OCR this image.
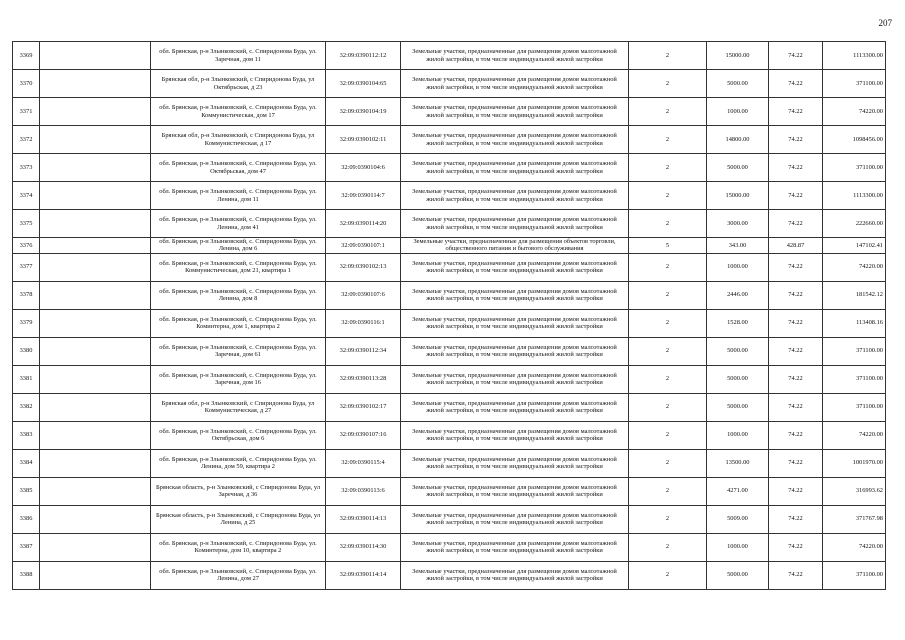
207
3369		обл. Брянская, р-н Злынковский, с. Спиридонова Буда, ул. Заречная, дом 11	32:09:0390112:12	Земельные участки, предназначенные для размещения домов малоэтажной жилой застройки, в том числе индивидуальной жилой застройки	2	15000.00	74.22	1113300.00
3370		Брянская обл, р-н Злынковский, с Спиридонова Буда, ул Октябрьская, д 23	32:09:0390104:65	Земельные участки, предназначенные для размещения домов малоэтажной жилой застройки, в том числе индивидуальной жилой застройки	2	5000.00	74.22	371100.00
3371		обл. Брянская, р-н Злынковский, с. Спиридонова Буда, ул. Коммунистическая, дом 17	32:09:0390104:19	Земельные участки, предназначенные для размещения домов малоэтажной жилой застройки, в том числе индивидуальной жилой застройки	2	1000.00	74.22	74220.00
3372		Брянская обл, р-н Злынковский, с Спиридонова Буда, ул Коммунистическая, д 17	32:09:0390102:11	Земельные участки, предназначенные для размещения домов малоэтажной жилой застройки, в том числе индивидуальной жилой застройки	2	14800.00	74.22	1098456.00
3373		обл. Брянская, р-н Злынковский, с. Спиридонова Буда, ул. Октябрьская, дом 47	32:09:0390104:6	Земельные участки, предназначенные для размещения домов малоэтажной жилой застройки, в том числе индивидуальной жилой застройки	2	5000.00	74.22	371100.00
3374		обл. Брянская, р-н Злынковский, с. Спиридонова Буда, ул. Ленина, дом 11	32:09:0390114:7	Земельные участки, предназначенные для размещения домов малоэтажной жилой застройки, в том числе индивидуальной жилой застройки	2	15000.00	74.22	1113300.00
3375		обл. Брянская, р-н Злынковский, с. Спиридонова Буда, ул. Ленина, дом 41	32:09:0390114:20	Земельные участки, предназначенные для размещения домов малоэтажной жилой застройки, в том числе индивидуальной жилой застройки	2	3000.00	74.22	222660.00
3376		обл. Брянская, р-н Злынковский, с. Спиридонова Буда, ул. Ленина, дом 6	32:09:0390107:1	Земельные участки, предназначенные для размещения объектов торговли, общественного питания и бытового обслуживания	5	343.00	428.87	147102.41
3377		обл. Брянская, р-н Злынковский, с. Спиридонова Буда, ул. Коммунистическая, дом 21, квартира 1	32:09:0390102:13	Земельные участки, предназначенные для размещения домов малоэтажной жилой застройки, в том числе индивидуальной жилой застройки	2	1000.00	74.22	74220.00
3378		обл. Брянская, р-н Злынковский, с. Спиридонова Буда, ул. Ленина, дом 8	32:09:0390107:6	Земельные участки, предназначенные для размещения домов малоэтажной жилой застройки, в том числе индивидуальной жилой застройки	2	2446.00	74.22	181542.12
3379		обл. Брянская, р-н Злынковский, с. Спиридонова Буда, ул. Коминтерна, дом 1, квартира 2	32:09:0390116:1	Земельные участки, предназначенные для размещения домов малоэтажной жилой застройки, в том числе индивидуальной жилой застройки	2	1528.00	74.22	113408.16
3380		обл. Брянская, р-н Злынковский, с. Спиридонова Буда, ул. Заречная, дом 61	32:09:0390112:34	Земельные участки, предназначенные для размещения домов малоэтажной жилой застройки, в том числе индивидуальной жилой застройки	2	5000.00	74.22	371100.00
3381		обл. Брянская, р-н Злынковский, с. Спиридонова Буда, ул. Заречная, дом 16	32:09:0390113:28	Земельные участки, предназначенные для размещения домов малоэтажной жилой застройки, в том числе индивидуальной жилой застройки	2	5000.00	74.22	371100.00
3382		Брянская обл, р-н Злынковский, с Спиридонова Буда, ул Коммунистическая, д 27	32:09:0390102:17	Земельные участки, предназначенные для размещения домов малоэтажной жилой застройки, в том числе индивидуальной жилой застройки	2	5000.00	74.22	371100.00
3383		обл. Брянская, р-н Злынковский, с. Спиридонова Буда, ул. Октябрьская, дом 6	32:09:0390107:16	Земельные участки, предназначенные для размещения домов малоэтажной жилой застройки, в том числе индивидуальной жилой застройки	2	1000.00	74.22	74220.00
3384		обл. Брянская, р-н Злынковский, с. Спиридонова Буда, ул. Ленина, дом 59, квартира 2	32:09:0390115:4	Земельные участки, предназначенные для размещения домов малоэтажной жилой застройки, в том числе индивидуальной жилой застройки	2	13500.00	74.22	1001970.00
3385		Брянская область, р-н Злынковский, с Спиридонова Буда, ул Заречная, д 36	32:09:0390113:6	Земельные участки, предназначенные для размещения домов малоэтажной жилой застройки, в том числе индивидуальной жилой застройки	2	4271.00	74.22	316993.62
3386		Брянская область, р-н Злынковский, с Спиридонова Буда, ул Ленина, д 25	32:09:0390114:13	Земельные участки, предназначенные для размещения домов малоэтажной жилой застройки, в том числе индивидуальной жилой застройки	2	5009.00	74.22	371767.98
3387		обл. Брянская, р-н Злынковский, с. Спиридонова Буда, ул. Коминтерна, дом 10, квартира 2	32:09:0390114:30	Земельные участки, предназначенные для размещения домов малоэтажной жилой застройки, в том числе индивидуальной жилой застройки	2	1000.00	74.22	74220.00
3388		обл. Брянская, р-н Злынковский, с. Спиридонова Буда, ул. Ленина, дом 27	32:09:0390114:14	Земельные участки, предназначенные для размещения домов малоэтажной жилой застройки, в том числе индивидуальной жилой застройки	2	5000.00	74.22	371100.00
